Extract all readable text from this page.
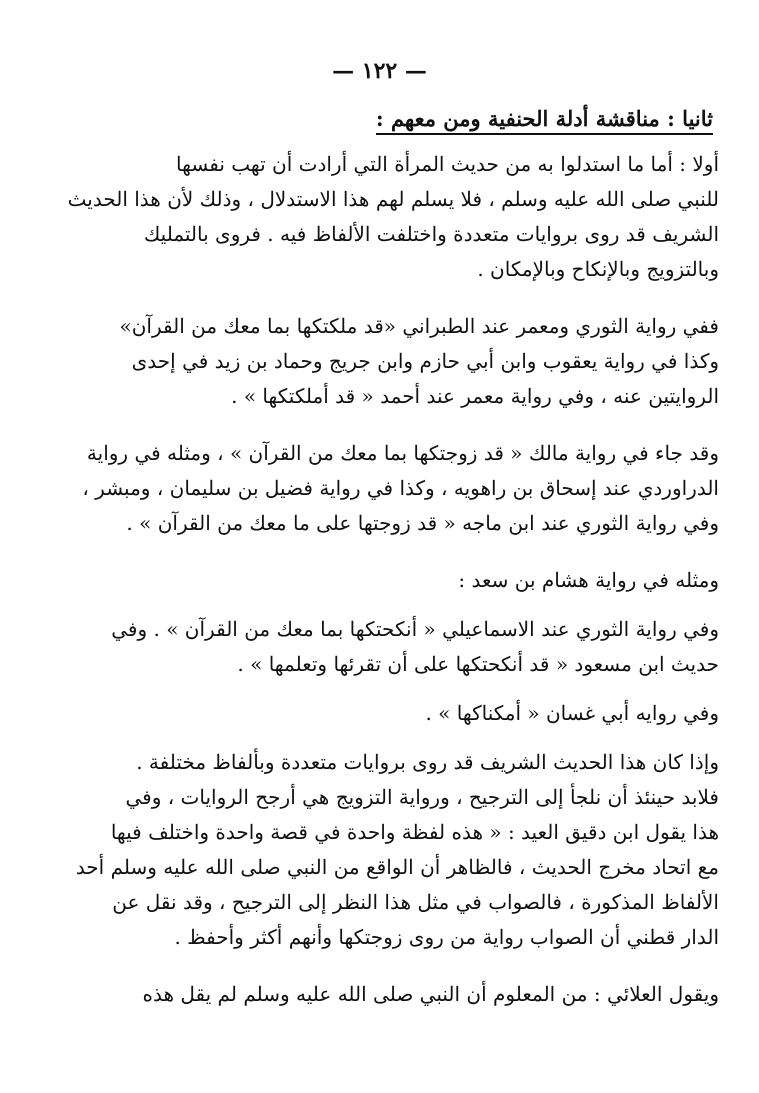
— ١٢٢ —
ثانيا : مناقشة أدلة الحنفية ومن معهم :

أولا : أما ما استدلوا به من حديث المرأة التي أرادت أن تهب نفسها
للنبي صلى الله عليه وسلم ، فلا يسلم لهم هذا الاستدلال ، وذلك لأن هذا الحديث
الشريف قد روى بروايات متعددة واختلفت الألفاظ فيه . فروى بالتمليك
وبالتزويج وبالإنكاح وبالإمكان .

ففي رواية الثوري ومعمر عند الطبراني «قد ملكتكها بما معك من القرآن»
وكذا في رواية يعقوب وابن أبي حازم وابن جريج وحماد بن زيد في إحدى
الروايتين عنه ، وفي رواية معمر عند أحمد « قد أملكتكها » .

وقد جاء في رواية مالك « قد زوجتكها بما معك من القرآن » ، ومثله في رواية
الدراوردي عند إسحاق بن راهويه ، وكذا في رواية فضيل بن سليمان ، ومبشر ،
وفي رواية الثوري عند ابن ماجه « قد زوجتها على ما معك من القرآن » .

ومثله في رواية هشام بن سعد :

وفي رواية الثوري عند الاسماعيلي « أنكحتكها بما معك من القرآن » . وفي
حديث ابن مسعود « قد أنكحتكها على أن تقرئها وتعلمها » .

وفي روايه أبي غسان « أمكناكها » .

وإذا كان هذا الحديث الشريف قد روى بروايات متعددة وبألفاظ مختلفة .
فلابد حينئذ أن نلجأ إلى الترجيح ، ورواية التزويج هي أرجح الروايات ، وفي
هذا يقول ابن دقيق العيد : « هذه لفظة واحدة في قصة واحدة واختلف فيها
مع اتحاد مخرج الحديث ، فالظاهر أن الواقع من النبي صلى الله عليه وسلم أحد
الألفاظ المذكورة ، فالصواب في مثل هذا النظر إلى الترجيح ، وقد نقل عن
الدار قطني أن الصواب رواية من روى زوجتكها وأنهم أكثر وأحفظ .

ويقول العلائي : من المعلوم أن النبي صلى الله عليه وسلم لم يقل هذه
